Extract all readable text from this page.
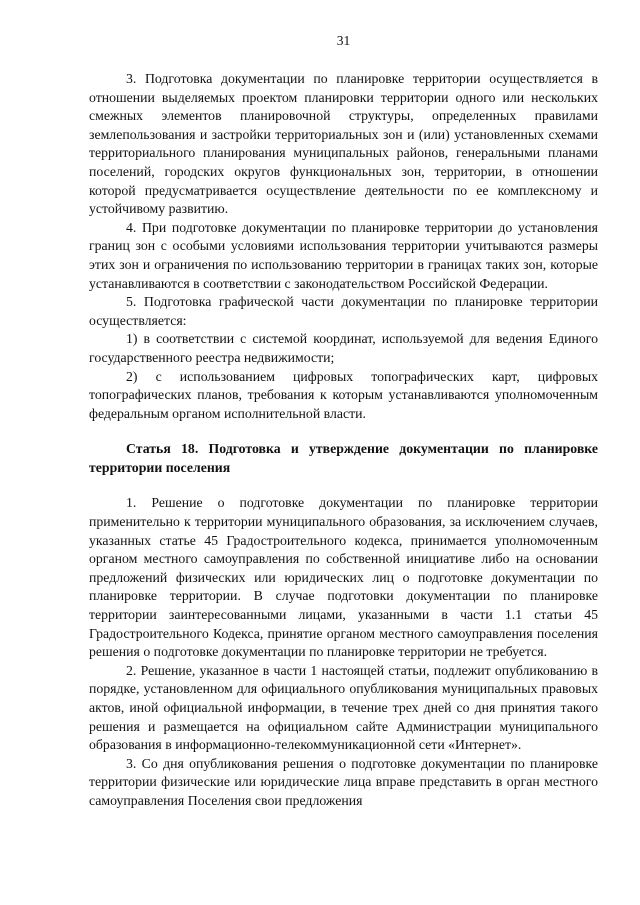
31

3. Подготовка документации по планировке территории осуществляется в отношении выделяемых проектом планировки территории одного или нескольких смежных элементов планировочной структуры, определенных правилами землепользования и застройки территориальных зон и (или) установленных схемами территориального планирования муниципальных районов, генеральными планами поселений, городских округов функциональных зон, территории, в отношении которой предусматривается осуществление деятельности по ее комплексному и устойчивому развитию.

4. При подготовке документации по планировке территории до установления границ зон с особыми условиями использования территории учитываются размеры этих зон и ограничения по использованию территории в границах таких зон, которые устанавливаются в соответствии с законодательством Российской Федерации.

5. Подготовка графической части документации по планировке территории осуществляется:

1) в соответствии с системой координат, используемой для ведения Единого государственного реестра недвижимости;

2) с использованием цифровых топографических карт, цифровых топографических планов, требования к которым устанавливаются уполномоченным федеральным органом исполнительной власти.

Статья 18. Подготовка и утверждение документации по планировке территории поселения

1. Решение о подготовке документации по планировке территории применительно к территории муниципального образования, за исключением случаев, указанных статье 45 Градостроительного кодекса, принимается уполномоченным органом местного самоуправления по собственной инициативе либо на основании предложений физических или юридических лиц о подготовке документации по планировке территории. В случае подготовки документации по планировке территории заинтересованными лицами, указанными в части 1.1 статьи 45 Градостроительного Кодекса, принятие органом местного самоуправления поселения решения о подготовке документации по планировке территории не требуется.

2. Решение, указанное в части 1 настоящей статьи, подлежит опубликованию в порядке, установленном для официального опубликования муниципальных правовых актов, иной официальной информации, в течение трех дней со дня принятия такого решения и размещается на официальном сайте Администрации муниципального образования в информационно-телекоммуникационной сети «Интернет».

3. Со дня опубликования решения о подготовке документации по планировке территории физические или юридические лица вправе представить в орган местного самоуправления Поселения свои предложения
